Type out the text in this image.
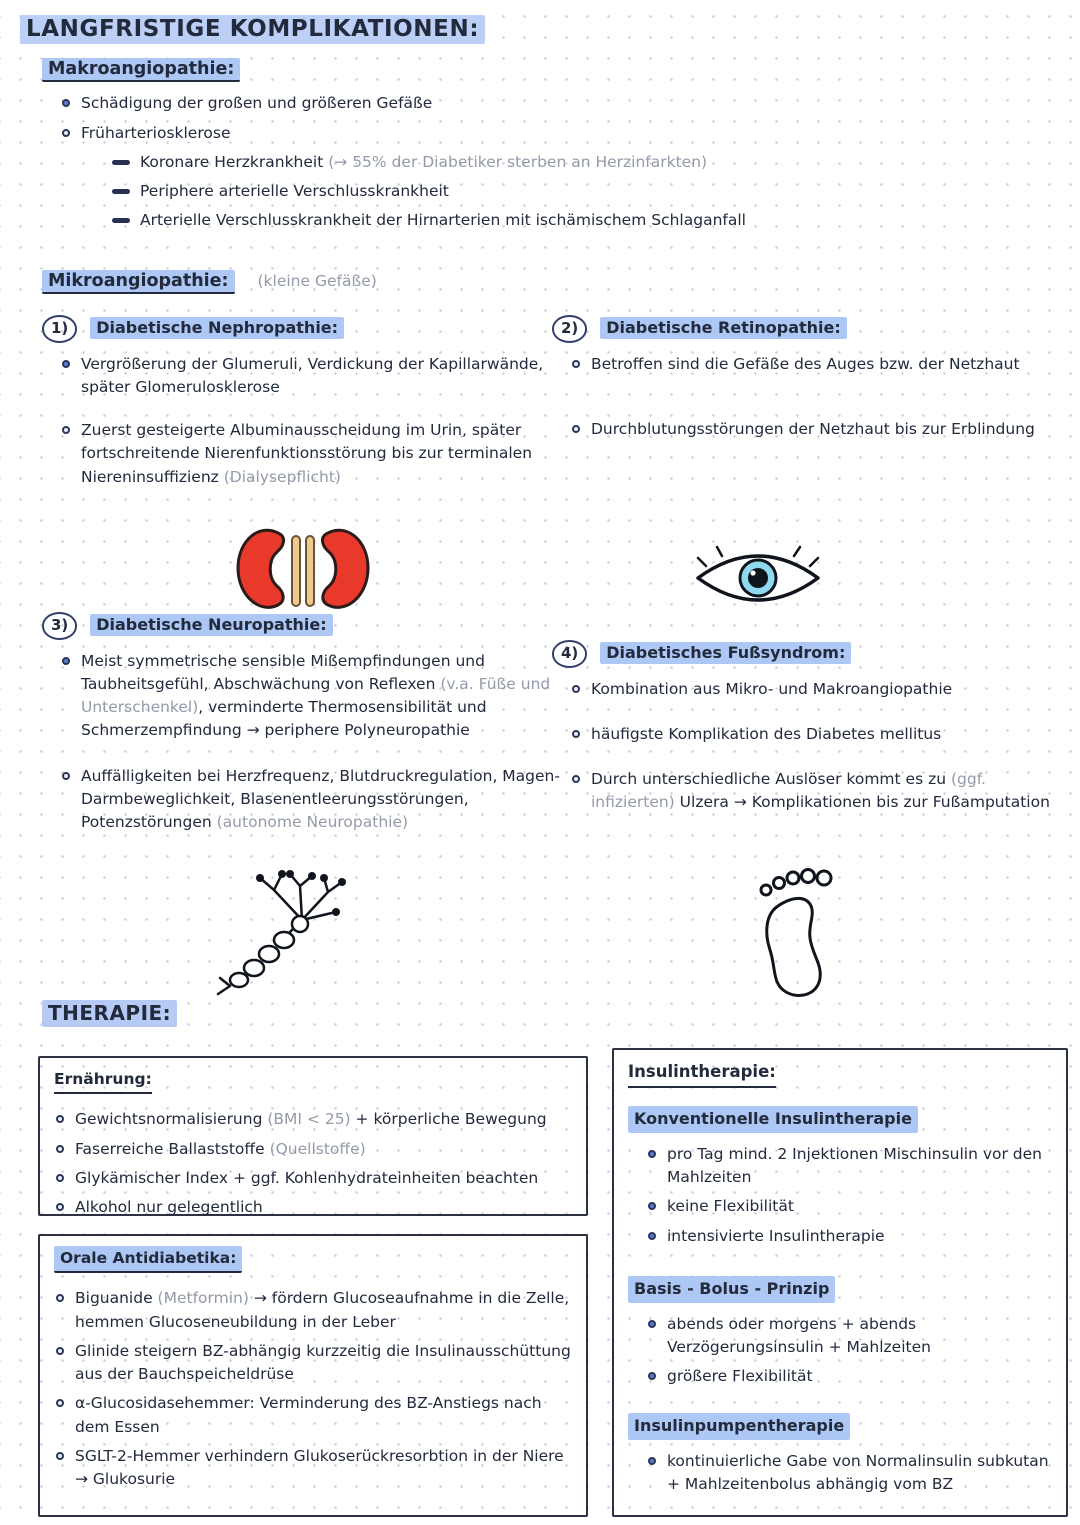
LANGFRISTIGE KOMPLIKATIONEN:
Makroangiopathie:
Schädigung der großen und größeren Gefäße
Früharteriosklerose
Koronare Herzkrankheit (→ 55% der Diabetiker sterben an Herzinfarkten)
Periphere arterielle Verschlusskrankheit
Arterielle Verschlusskrankheit der Hirnarterien mit ischämischem Schlaganfall
Mikroangiopathie: (kleine Gefäße)
1) Diabetische Nephropathie:
Vergrößerung der Glumeruli, Verdickung der Kapillarwände, später Glomerulosklerose
Zuerst gesteigerte Albuminausscheidung im Urin, später fortschreitende Nierenfunktionsstörung bis zur terminalen Niereninsuffizienz (Dialysepflicht)
2) Diabetische Retinopathie:
Betroffen sind die Gefäße des Auges bzw. der Netzhaut
Durchblutungsstörungen der Netzhaut bis zur Erblindung
3) Diabetische Neuropathie:
Meist symmetrische sensible Mißempfindungen und Taubheitsgefühl, Abschwächung von Reflexen (v.a. Füße und Unterschenkel), verminderte Thermosensibilität und Schmerzempfindung → periphere Polyneuropathie
Auffälligkeiten bei Herzfrequenz, Blutdruckregulation, Magen-Darmbeweglichkeit, Blasenentleerungsstörungen, Potenzstörungen (autonome Neuropathie)
4) Diabetisches Fußsyndrom:
Kombination aus Mikro- und Makroangiopathie
häufigste Komplikation des Diabetes mellitus
Durch unterschiedliche Auslöser kommt es zu (ggf. infizierten) Ulzera → Komplikationen bis zur Fußamputation
THERAPIE:
Ernährung:
Gewichtsnormalisierung (BMI < 25) + körperliche Bewegung
Faserreiche Ballaststoffe (Quellstoffe)
Glykämischer Index + ggf. Kohlenhydrateinheiten beachten
Alkohol nur gelegentlich
Orale Antidiabetika:
Biguanide (Metformin) → fördern Glucoseaufnahme in die Zelle, hemmen Glucoseneubildung in der Leber
Glinide steigern BZ-abhängig kurzzeitig die Insulinausschüttung aus der Bauchspeicheldrüse
α-Glucosidasehemmer: Verminderung des BZ-Anstiegs nach dem Essen
SGLT-2-Hemmer verhindern Glukoserückresorbtion in der Niere → Glukosurie
Insulintherapie:
Konventionelle Insulintherapie
pro Tag mind. 2 Injektionen Mischinsulin vor den Mahlzeiten
keine Flexibilität
intensivierte Insulintherapie
Basis - Bolus - Prinzip
abends oder morgens + abends Verzögerungsinsulin + Mahlzeiten
größere Flexibilität
Insulinpumpentherapie
kontinuierliche Gabe von Normalinsulin subkutan + Mahlzeitenbolus abhängig vom BZ
